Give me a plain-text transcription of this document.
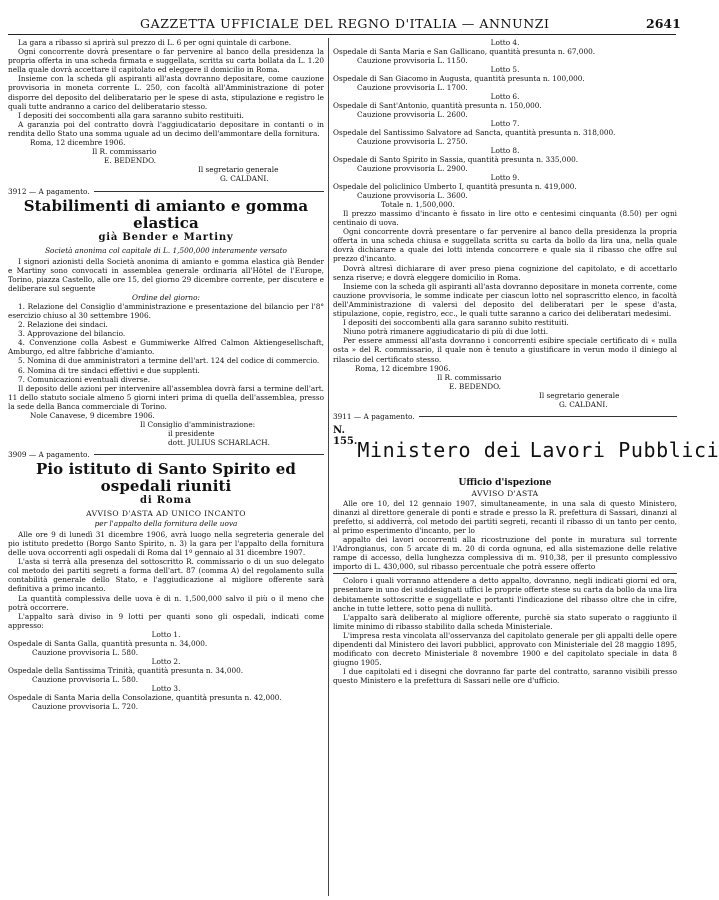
GAZZETTA UFFICIALE DEL REGNO D'ITALIA — ANNUNZI	2641

La gara a ribasso si aprirà sul prezzo di L. 6 per ogni quintale di carbone.

Ogni concorrente dovrà presentare o far pervenire al banco della presidenza la propria offerta in una scheda firmata e suggellata, scritta su carta bollata da L. 1.20 nella quale dovrà accettare il capitolato ed eleggere il domicilio in Roma.

Insieme con la scheda gli aspiranti all'asta dovranno depositare, come cauzione provvisoria in moneta corrente L. 250, con facoltà all'Amministrazione di poter disporre del deposito del deliberatario per le spese di asta, stipulazione e registro le quali tutte andranno a carico del deliberatario stesso.

I depositi dei soccombenti alla gara saranno subito restituiti.

A garanzia poi del contratto dovrà l'aggiudicatario depositare in contanti o in rendita dello Stato una somma uguale ad un decimo dell'ammontare della fornitura.

Roma, 12 dicembre 1906.

Il R. commissario

E. BEDENDO.

Il segretario generale

G. CALDANI.

3912 — A pagamento.
Stabilimenti di amianto e gomma elastica
già Bender e Martiny
Società anonima col capitale di L. 1,500,000 interamente versato

I signori azionisti della Società anonima di amianto e gomma elastica già Bender e Martiny sono convocati in assemblea generale ordinaria all'Hôtel de l'Europe, Torino, piazza Castello, alle ore 15, del giorno 29 dicembre corrente, per discutere e deliberare sul seguente

Ordine del giorno:

1. Relazione del Consiglio d'amministrazione e presentazione del bilancio per l'8° esercizio chiuso al 30 settembre 1906.

2. Relazione dei sindaci.

3. Approvazione del bilancio.

4. Convenzione colla Asbest e Gummiwerke Alfred Calmon Aktiengesellschaft, Amburgo, ed altre fabbriche d'amianto.

5. Nomina di due amministratori a termine dell'art. 124 del codice di commercio.

6. Nomina di tre sindaci effettivi e due supplenti.

7. Comunicazioni eventuali diverse.

Il deposito delle azioni per intervenire all'assemblea dovrà farsi a termine dell'art. 11 dello statuto sociale almeno 5 giorni interi prima di quella dell'assemblea, presso la sede della Banca commerciale di Torino.

Nole Canavese, 9 dicembre 1906.

Il Consiglio d'amministrazione:

il presidente

dott. JULIUS SCHARLACH.

3909 — A pagamento.
Pio istituto di Santo Spirito ed ospedali riuniti
di Roma
AVVISO D'ASTA AD UNICO INCANTO
per l'appalto della fornitura delle uova

Alle ore 9 di lunedì 31 dicembre 1906, avrà luogo nella segreteria generale del pio istituto predetto (Borgo Santo Spirito, n. 3) la gara per l'appalto della fornitura delle uova occorrenti agli ospedali di Roma dal 1º gennaio al 31 dicembre 1907.

L'asta si terrà alla presenza del sottoscritto R. commissario o di un suo delegato col metodo dei partiti segreti a forma dell'art. 87 (comma A) del regolamento sulla contabilità generale dello Stato, e l'aggiudicazione al migliore offerente sarà definitiva a primo incanto.

La quantità complessiva delle uova è di n. 1,500,000 salvo il più o il meno che potrà occorrere.

L'appalto sarà diviso in 9 lotti per quanti sono gli ospedali, indicati come appresso:

Lotto 1.
Ospedale di Santa Galla, quantità presunta n. 34,000.
Cauzione provvisoria L. 580.
Lotto 2.
Ospedale della Santissima Trinità, quantità presunta n. 34,000.
Cauzione provvisoria L. 580.
Lotto 3.
Ospedale di Santa Maria della Consolazione, quantità presunta n. 42,000.
Cauzione provvisoria L. 720.
Lotto 4.
Ospedale di Santa Maria e San Gallicano, quantità presunta n. 67,000.
Cauzione provvisoria L. 1150.
Lotto 5.
Ospedale di San Giacomo in Augusta, quantità presunta n. 100,000.
Cauzione provvisoria L. 1700.
Lotto 6.
Ospedale di Sant'Antonio, quantità presunta n. 150,000.
Cauzione provvisoria L. 2600.
Lotto 7.
Ospedale del Santissimo Salvatore ad Sancta, quantità presunta n. 318,000.
Cauzione provvisoria L. 2750.
Lotto 8.
Ospedale di Santo Spirito in Sassia, quantità presunta n. 335,000.
Cauzione provvisoria L. 2900.
Lotto 9.
Ospedale del policlinico Umberto I, quantità presunta n. 419,000.
Cauzione provvisoria L. 3600.
Totale n. 1,500,000.

Il prezzo massimo d'incanto è fissato in lire otto e centesimi cinquanta (8.50) per ogni centinaio di uova.

Ogni concorrente dovrà presentare o far pervenire al banco della presidenza la propria offerta in una scheda chiusa e suggellata scritta su carta da bollo da lira una, nella quale dovrà dichiarare a quale dei lotti intenda concorrere e quale sia il ribasso che offre sul prezzo d'incanto.

Dovrà altresì dichiarare di aver preso piena cognizione del capitolato, e di accettarlo senza riserve; e dovrà eleggere domicilio in Roma.

Insieme con la scheda gli aspiranti all'asta dovranno depositare in moneta corrente, come cauzione provvisoria, le somme indicate per ciascun lotto nel soprascritto elenco, in facoltà dell'Amministrazione di valersi del deposito del deliberatari per le spese d'asta, stipulazione, copie, registro, ecc., le quali tutte saranno a carico dei deliberatari medesimi.

I depositi dei soccombenti alla gara saranno subito restituiti.

Niuno potrà rimanere aggiudicatario di più di due lotti.

Per essere ammessi all'asta dovranno i concorrenti esibire speciale certificato di « nulla osta » del R. commissario, il quale non è tenuto a giustificare in verun modo il diniego al rilascio del certificato stesso.

Roma, 12 dicembre 1906.

Il R. commissario

E. BEDENDO.

Il segretario generale

G. CALDANI.

3911 — A pagamento.
N. 155. Ministero dei Lavori Pubblici
Ufficio d'ispezione
AVVISO D'ASTA

Alle ore 10, del 12 gennaio 1907, simultaneamente, in una sala di questo Ministero, dinanzi al direttore generale di ponti e strade e presso la R. prefettura di Sassari, dinanzi al prefetto, si addiverrà, col metodo dei partiti segreti, recanti il ribasso di un tanto per cento, al primo esperimento d'incanto, per lo

appalto dei lavori occorrenti alla ricostruzione del ponte in muratura sul torrente l'Adrongianus, con 5 arcate di m. 20 di corda ognuna, ed alla sistemazione delle relative rampe di accesso, della lunghezza complessiva di m. 910,38, per il presunto complessivo importo di L. 430,000, sul ribasso percentuale che potrà essere offerto

Coloro i quali vorranno attendere a detto appalto, dovranno, negli indicati giorni ed ora, presentare in uno dei suddesignati uffici le proprie offerte stese su carta da bollo da una lira debitamente sottoscritte e suggellate e portanti l'indicazione del ribasso oltre che in cifre, anche in tutte lettere, sotto pena di nullità.

L'appalto sarà deliberato al migliore offerente, purchè sia stato superato o raggiunto il limite minimo di ribasso stabilito dalla scheda Ministeriale.

L'impresa resta vincolata all'osservanza del capitolato generale per gli appalti delle opere dipendenti dal Ministero dei lavori pubblici, approvato con Ministeriale del 28 maggio 1895, modificato con decreto Ministeriale 8 novembre 1900 e del capitolato speciale in data 8 giugno 1905.

I due capitolati ed i disegni che dovranno far parte del contratto, saranno visibili presso questo Ministero e la prefettura di Sassari nelle ore d'ufficio.
